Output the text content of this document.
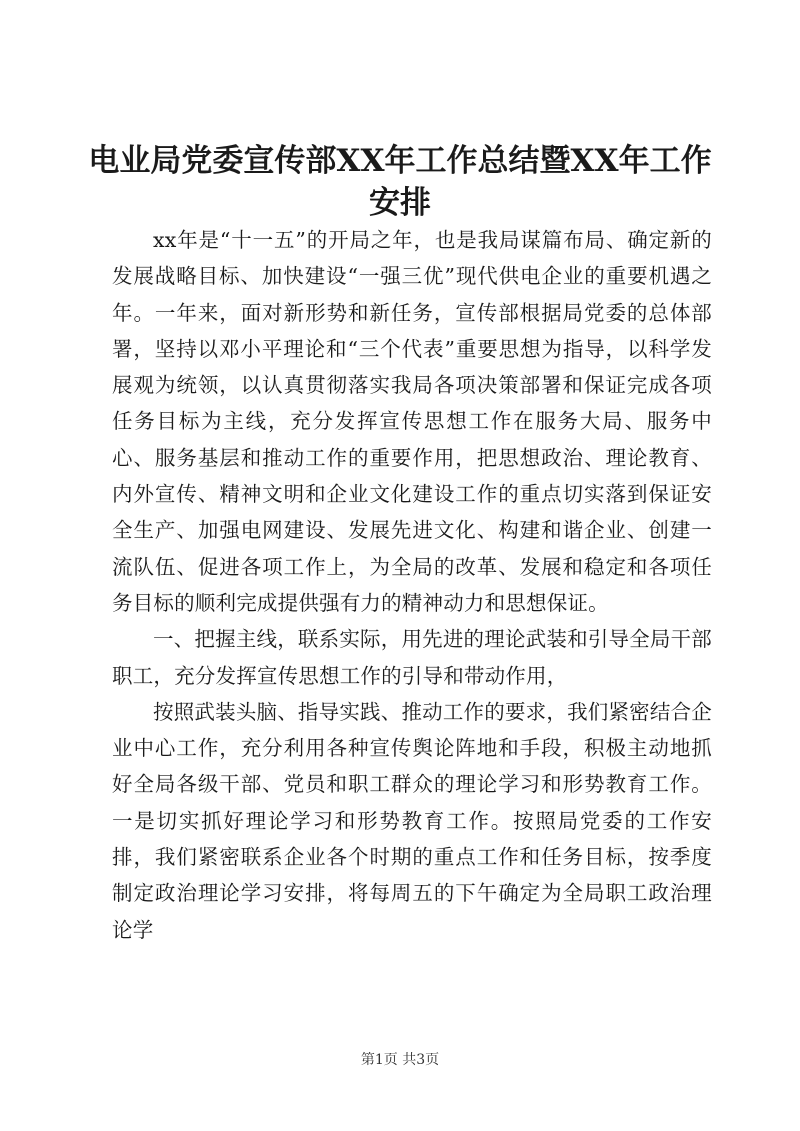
电业局党委宣传部XX年工作总结暨XX年工作安排

xx年是“十一五”的开局之年，也是我局谋篇布局、确定新的发展战略目标、加快建设“一强三优”现代供电企业的重要机遇之年。一年来，面对新形势和新任务，宣传部根据局党委的总体部署，坚持以邓小平理论和“三个代表”重要思想为指导，以科学发展观为统领，以认真贯彻落实我局各项决策部署和保证完成各项任务目标为主线，充分发挥宣传思想工作在服务大局、服务中心、服务基层和推动工作的重要作用，把思想政治、理论教育、内外宣传、精神文明和企业文化建设工作的重点切实落到保证安全生产、加强电网建设、发展先进文化、构建和谐企业、创建一流队伍、促进各项工作上，为全局的改革、发展和稳定和各项任务目标的顺利完成提供强有力的精神动力和思想保证。

一、把握主线，联系实际，用先进的理论武装和引导全局干部职工，充分发挥宣传思想工作的引导和带动作用，

按照武装头脑、指导实践、推动工作的要求，我们紧密结合企业中心工作，充分利用各种宣传舆论阵地和手段，积极主动地抓好全局各级干部、党员和职工群众的理论学习和形势教育工作。一是切实抓好理论学习和形势教育工作。按照局党委的工作安排，我们紧密联系企业各个时期的重点工作和任务目标，按季度制定政治理论学习安排，将每周五的下午确定为全局职工政治理论学

第1页 共3页
